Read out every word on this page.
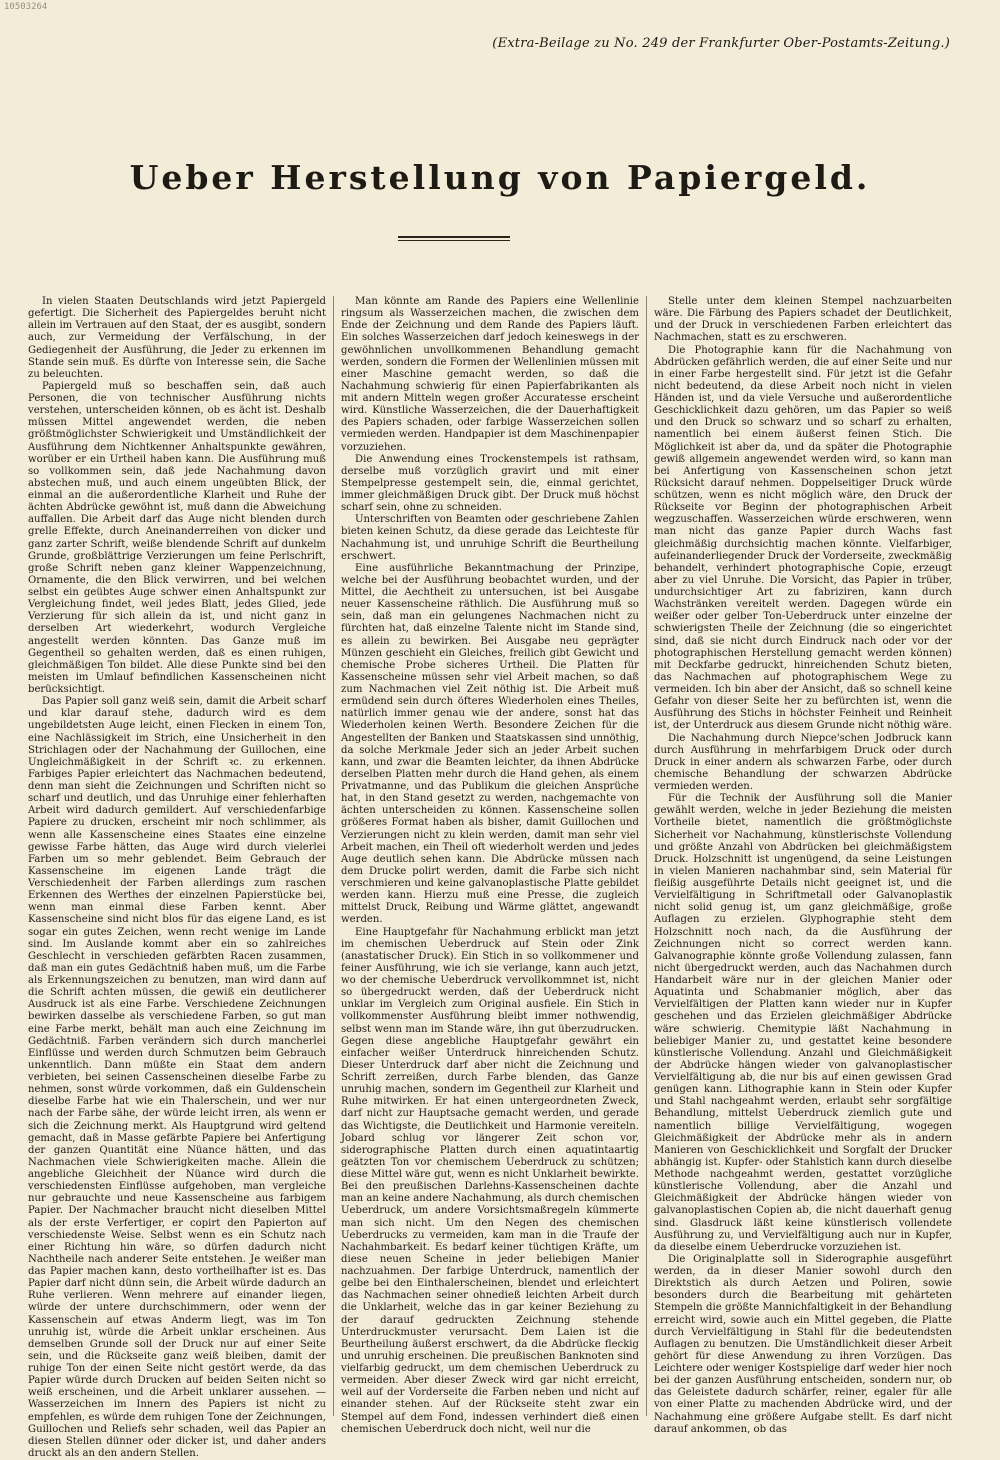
10503264
(Extra-Beilage zu No. 249 der Frankfurter Ober-Postamts-Zeitung.)
Ueber Herstellung von Papiergeld.

In vielen Staaten Deutschlands wird jetzt Papiergeld gefertigt. Die Sicherheit des Papiergeldes beruht nicht allein im Vertrauen auf den Staat, der es ausgibt, sondern auch, zur Vermeidung der Verfälschung, in der Gediegenheit der Ausführung, die Jeder zu erkennen im Stande sein muß. Es dürfte von Interesse sein, die Sache zu beleuchten.

Papiergeld muß so beschaffen sein, daß auch Personen, die von technischer Ausführung nichts verstehen, unterscheiden können, ob es ächt ist. Deshalb müssen Mittel angewendet werden, die neben größtmöglichster Schwierigkeit und Umständlichkeit der Ausführung dem Nichtkenner Anhaltspunkte gewähren, worüber er ein Urtheil haben kann. Die Ausführung muß so vollkommen sein, daß jede Nachahmung davon abstechen muß, und auch einem ungeübten Blick, der einmal an die außerordentliche Klarheit und Ruhe der ächten Abdrücke gewöhnt ist, muß dann die Abweichung auffallen. Die Arbeit darf das Auge nicht blenden durch grelle Effekte, durch Aneinanderreihen von dicker und ganz zarter Schrift, weiße blendende Schrift auf dunkelm Grunde, großblättrige Verzierungen um feine Perlschrift, große Schrift neben ganz kleiner Wappenzeichnung, Ornamente, die den Blick verwirren, und bei welchen selbst ein geübtes Auge schwer einen Anhaltspunkt zur Vergleichung findet, weil jedes Blatt, jedes Glied, jede Verzierung für sich allein da ist, und nicht ganz in derselben Art wiederkehrt, wodurch Vergleiche angestellt werden könnten. Das Ganze muß im Gegentheil so gehalten werden, daß es einen ruhigen, gleichmäßigen Ton bildet. Alle diese Punkte sind bei den meisten im Umlauf befindlichen Kassenscheinen nicht berücksichtigt.

Das Papier soll ganz weiß sein, damit die Arbeit scharf und klar darauf stehe, dadurch wird es dem ungebildetsten Auge leicht, einen Flecken in einem Ton, eine Nachlässigkeit im Strich, eine Unsicherheit in den Strichlagen oder der Nachahmung der Guillochen, eine Ungleichmäßigkeit in der Schrift ꝛc. zu erkennen. Farbiges Papier erleichtert das Nachmachen bedeutend, denn man sieht die Zeichnungen und Schriften nicht so scharf und deutlich, und das Unruhige einer fehlerhaften Arbeit wird dadurch gemildert. Auf verschiedenfarbige Papiere zu drucken, erscheint mir noch schlimmer, als wenn alle Kassenscheine eines Staates eine einzelne gewisse Farbe hätten, das Auge wird durch vielerlei Farben um so mehr geblendet. Beim Gebrauch der Kassenscheine im eigenen Lande trägt die Verschiedenheit der Farben allerdings zum raschen Erkennen des Werthes der einzelnen Papierstücke bei, wenn man einmal diese Farben kennt. Aber Kassenscheine sind nicht blos für das eigene Land, es ist sogar ein gutes Zeichen, wenn recht wenige im Lande sind. Im Auslande kommt aber ein so zahlreiches Geschlecht in verschieden gefärbten Racen zusammen, daß man ein gutes Gedächtniß haben muß, um die Farbe als Erkennungszeichen zu benutzen, man wird dann auf die Schrift achten müssen, die gewiß ein deutlicherer Ausdruck ist als eine Farbe. Verschiedene Zeichnungen bewirken dasselbe als verschiedene Farben, so gut man eine Farbe merkt, behält man auch eine Zeichnung im Gedächtniß. Farben verändern sich durch mancherlei Einflüsse und werden durch Schmutzen beim Gebrauch unkenntlich. Dann müßte ein Staat dem andern verbieten, bei seinen Cassenscheinen dieselbe Farbe zu nehmen, sonst würde vorkommen, daß ein Guldenschein dieselbe Farbe hat wie ein Thalerschein, und wer nur nach der Farbe sähe, der würde leicht irren, als wenn er sich die Zeichnung merkt. Als Hauptgrund wird geltend gemacht, daß in Masse gefärbte Papiere bei Anfertigung der ganzen Quantität eine Nüance hätten, und das Nachmachen viele Schwierigkeiten mache. Allein die angebliche Gleichheit der Nüance wird durch die verschiedensten Einflüsse aufgehoben, man vergleiche nur gebrauchte und neue Kassenscheine aus farbigem Papier. Der Nachmacher braucht nicht dieselben Mittel als der erste Verfertiger, er copirt den Papierton auf verschiedenste Weise. Selbst wenn es ein Schutz nach einer Richtung hin wäre, so dürfen dadurch nicht Nachtheile nach anderer Seite entstehen. Je weißer man das Papier machen kann, desto vortheilhafter ist es. Das Papier darf nicht dünn sein, die Arbeit würde dadurch an Ruhe verlieren. Wenn mehrere auf einander liegen, würde der untere durchschimmern, oder wenn der Kassenschein auf etwas Anderm liegt, was im Ton unruhig ist, würde die Arbeit unklar erscheinen. Aus demselben Grunde soll der Druck nur auf einer Seite sein, und die Rückseite ganz weiß bleiben, damit der ruhige Ton der einen Seite nicht gestört werde, da das Papier würde durch Drucken auf beiden Seiten nicht so weiß erscheinen, und die Arbeit unklarer aussehen. — Wasserzeichen im Innern des Papiers ist nicht zu empfehlen, es würde dem ruhigen Tone der Zeichnungen, Guillochen und Reliefs sehr schaden, weil das Papier an diesen Stellen dünner oder dicker ist, und daher anders druckt als an den andern Stellen.

Man könnte am Rande des Papiers eine Wellenlinie ringsum als Wasserzeichen machen, die zwischen dem Ende der Zeichnung und dem Rande des Papiers läuft. Ein solches Wasserzeichen darf jedoch keineswegs in der gewöhnlichen unvollkommenen Behandlung gemacht werden, sondern die Formen der Wellenlinien müssen mit einer Maschine gemacht werden, so daß die Nachahmung schwierig für einen Papierfabrikanten als mit andern Mitteln wegen großer Accuratesse erscheint wird. Künstliche Wasserzeichen, die der Dauerhaftigkeit des Papiers schaden, oder farbige Wasserzeichen sollen vermieden werden. Handpapier ist dem Maschinenpapier vorzuziehen.

Die Anwendung eines Trockenstempels ist rathsam, derselbe muß vorzüglich gravirt und mit einer Stempelpresse gestempelt sein, die, einmal gerichtet, immer gleichmäßigen Druck gibt. Der Druck muß höchst scharf sein, ohne zu schneiden.

Unterschriften von Beamten oder geschriebene Zahlen bieten keinen Schutz, da diese gerade das Leichteste für Nachahmung ist, und unruhige Schrift die Beurtheilung erschwert.

Eine ausführliche Bekanntmachung der Prinzipe, welche bei der Ausführung beobachtet wurden, und der Mittel, die Aechtheit zu untersuchen, ist bei Ausgabe neuer Kassenscheine räthlich. Die Ausführung muß so sein, daß man ein gelungenes Nachmachen nicht zu fürchten hat, daß einzelne Talente nicht im Stande sind, es allein zu bewirken. Bei Ausgabe neu geprägter Münzen geschieht ein Gleiches, freilich gibt Gewicht und chemische Probe sicheres Urtheil. Die Platten für Kassenscheine müssen sehr viel Arbeit machen, so daß zum Nachmachen viel Zeit nöthig ist. Die Arbeit muß ermüdend sein durch öfteres Wiederholen eines Theiles, natürlich immer genau wie der andere, sonst hat das Wiederholen keinen Werth. Besondere Zeichen für die Angestellten der Banken und Staatskassen sind unnöthig, da solche Merkmale Jeder sich an jeder Arbeit suchen kann, und zwar die Beamten leichter, da ihnen Abdrücke derselben Platten mehr durch die Hand gehen, als einem Privatmanne, und das Publikum die gleichen Ansprüche hat, in den Stand gesetzt zu werden, nachgemachte von ächten unterscheiden zu können. Kassenscheine sollen größeres Format haben als bisher, damit Guillochen und Verzierungen nicht zu klein werden, damit man sehr viel Arbeit machen, ein Theil oft wiederholt werden und jedes Auge deutlich sehen kann. Die Abdrücke müssen nach dem Drucke polirt werden, damit die Farbe sich nicht verschmieren und keine galvanoplastische Platte gebildet werden kann. Hierzu muß eine Presse, die zugleich mittelst Druck, Reibung und Wärme glättet, angewandt werden.

Eine Hauptgefahr für Nachahmung erblickt man jetzt im chemischen Ueberdruck auf Stein oder Zink (anastatischer Druck). Ein Stich in so vollkommener und feiner Ausführung, wie ich sie verlange, kann auch jetzt, wo der chemische Ueberdruck vervollkommnet ist, nicht so übergedruckt werden, daß der Ueberdruck nicht unklar im Vergleich zum Original ausfiele. Ein Stich in vollkommenster Ausführung bleibt immer nothwendig, selbst wenn man im Stande wäre, ihn gut überzudrucken. Gegen diese angebliche Hauptgefahr gewährt ein einfacher weißer Unterdruck hinreichenden Schutz. Dieser Unterdruck darf aber nicht die Zeichnung und Schrift zerreißen, durch Farbe blenden, das Ganze unruhig machen, sondern im Gegentheil zur Klarheit und Ruhe mitwirken. Er hat einen untergeordneten Zweck, darf nicht zur Hauptsache gemacht werden, und gerade das Wichtigste, die Deutlichkeit und Harmonie vereiteln. Jobard schlug vor längerer Zeit schon vor, siderographische Platten durch einen aquatintaartig geätzten Ton vor chemischem Ueberdruck zu schützen; diese Mittel wäre gut, wenn es nicht Unklarheit bewirkte. Bei den preußischen Darlehns-Kassenscheinen dachte man an keine andere Nachahmung, als durch chemischen Ueberdruck, um andere Vorsichtsmaßregeln kümmerte man sich nicht. Um den Negen des chemischen Ueberdrucks zu vermeiden, kam man in die Traufe der Nachahmbarkeit. Es bedarf keiner tüchtigen Kräfte, um diese neuen Scheine in jeder beliebigen Manier nachzuahmen. Der farbige Unterdruck, namentlich der gelbe bei den Einthalerscheinen, blendet und erleichtert das Nachmachen seiner ohnedieß leichten Arbeit durch die Unklarheit, welche das in gar keiner Beziehung zu der darauf gedruckten Zeichnung stehende Unterdruckmuster verursacht. Dem Laien ist die Beurtheilung äußerst erschwert, da die Abdrücke fleckig und unruhig erscheinen. Die preußischen Banknoten sind vielfarbig gedruckt, um dem chemischen Ueberdruck zu vermeiden. Aber dieser Zweck wird gar nicht erreicht, weil auf der Vorderseite die Farben neben und nicht auf einander stehen. Auf der Rückseite steht zwar ein Stempel auf dem Fond, indessen verhindert dieß einen chemischen Ueberdruck doch nicht, weil nur die

Stelle unter dem kleinen Stempel nachzuarbeiten wäre. Die Färbung des Papiers schadet der Deutlichkeit, und der Druck in verschiedenen Farben erleichtert das Nachmachen, statt es zu erschweren.

Die Photographie kann für die Nachahmung von Abdrücken gefährlich werden, die auf einer Seite und nur in einer Farbe hergestellt sind. Für jetzt ist die Gefahr nicht bedeutend, da diese Arbeit noch nicht in vielen Händen ist, und da viele Versuche und außerordentliche Geschicklichkeit dazu gehören, um das Papier so weiß und den Druck so schwarz und so scharf zu erhalten, namentlich bei einem äußerst feinen Stich. Die Möglichkeit ist aber da, und da später die Photographie gewiß allgemein angewendet werden wird, so kann man bei Anfertigung von Kassenscheinen schon jetzt Rücksicht darauf nehmen. Doppelseitiger Druck würde schützen, wenn es nicht möglich wäre, den Druck der Rückseite vor Beginn der photographischen Arbeit wegzuschaffen. Wasserzeichen würde erschweren, wenn man nicht das ganze Papier durch Wachs fast gleichmäßig durchsichtig machen könnte. Vielfarbiger, aufeinanderliegender Druck der Vorderseite, zweckmäßig behandelt, verhindert photographische Copie, erzeugt aber zu viel Unruhe. Die Vorsicht, das Papier in trüber, undurchsichtiger Art zu fabriziren, kann durch Wachstränken vereitelt werden. Dagegen würde ein weißer oder gelber Ton-Ueberdruck unter einzelne der schwierigsten Theile der Zeichnung (die so eingerichtet sind, daß sie nicht durch Eindruck nach oder vor der photographischen Herstellung gemacht werden können) mit Deckfarbe gedruckt, hinreichenden Schutz bieten, das Nachmachen auf photographischem Wege zu vermeiden. Ich bin aber der Ansicht, daß so schnell keine Gefahr von dieser Seite her zu befürchten ist, wenn die Ausführung des Stichs in höchster Feinheit und Reinheit ist, der Unterdruck aus diesem Grunde nicht nöthig wäre.

Die Nachahmung durch Niepce'schen Jodbruck kann durch Ausführung in mehrfarbigem Druck oder durch Druck in einer andern als schwarzen Farbe, oder durch chemische Behandlung der schwarzen Abdrücke vermieden werden.

Für die Technik der Ausführung soll die Manier gewählt werden, welche in jeder Beziehung die meisten Vortheile bietet, namentlich die größtmöglichste Sicherheit vor Nachahmung, künstlerischste Vollendung und größte Anzahl von Abdrücken bei gleichmäßigstem Druck. Holzschnitt ist ungenügend, da seine Leistungen in vielen Manieren nachahmbar sind, sein Material für fleißig ausgeführte Details nicht geeignet ist, und die Vervielfältigung in Schriftmetall oder Galvanoplastik nicht solid genug ist, um ganz gleichmäßige, große Auflagen zu erzielen. Glyphographie steht dem Holzschnitt noch nach, da die Ausführung der Zeichnungen nicht so correct werden kann. Galvanographie könnte große Vollendung zulassen, fann nicht übergedruckt werden, auch das Nachahmen durch Handarbeit wäre nur in der gleichen Manier oder Aquatinta und Schabmanier möglich, aber das Vervielfältigen der Platten kann wieder nur in Kupfer geschehen und das Erzielen gleichmäßiger Abdrücke wäre schwierig. Chemitypie läßt Nachahmung in beliebiger Manier zu, und gestattet keine besondere künstlerische Vollendung. Anzahl und Gleichmäßigkeit der Abdrücke hängen wieder von galvanoplastischer Vervielfältigung ab, die nur bis auf einen gewissen Grad genügen kann. Lithographie kann in Stein oder Kupfer und Stahl nachgeahmt werden, erlaubt sehr sorgfältige Behandlung, mittelst Ueberdruck ziemlich gute und namentlich billige Vervielfältigung, wogegen Gleichmäßigkeit der Abdrücke mehr als in andern Manieren von Geschicklichkeit und Sorgfalt der Drucker abhängig ist. Kupfer- oder Stahlstich kann durch dieselbe Methode nachgeahmt werden, gestattet vorzügliche künstlerische Vollendung, aber die Anzahl und Gleichmäßigkeit der Abdrücke hängen wieder von galvanoplastischen Copien ab, die nicht dauerhaft genug sind. Glasdruck läßt keine künstlerisch vollendete Ausführung zu, und Vervielfältigung auch nur in Kupfer, da dieselbe einem Ueberdrucke vorzuziehen ist.

Die Originalplatte soll in Siderographie ausgeführt werden, da in dieser Manier sowohl durch den Direktstich als durch Aetzen und Poliren, sowie besonders durch die Bearbeitung mit gehärteten Stempeln die größte Mannichfaltigkeit in der Behandlung erreicht wird, sowie auch ein Mittel gegeben, die Platte durch Vervielfältigung in Stahl für die bedeutendsten Auflagen zu benutzen. Die Umständlichkeit dieser Arbeit gehört für diese Anwendung zu ihren Vorzügen. Das Leichtere oder weniger Kostspielige darf weder hier noch bei der ganzen Ausführung entscheiden, sondern nur, ob das Geleistete dadurch schärfer, reiner, egaler für alle von einer Platte zu machenden Abdrücke wird, und der Nachahmung eine größere Aufgabe stellt. Es darf nicht darauf ankommen, ob das
